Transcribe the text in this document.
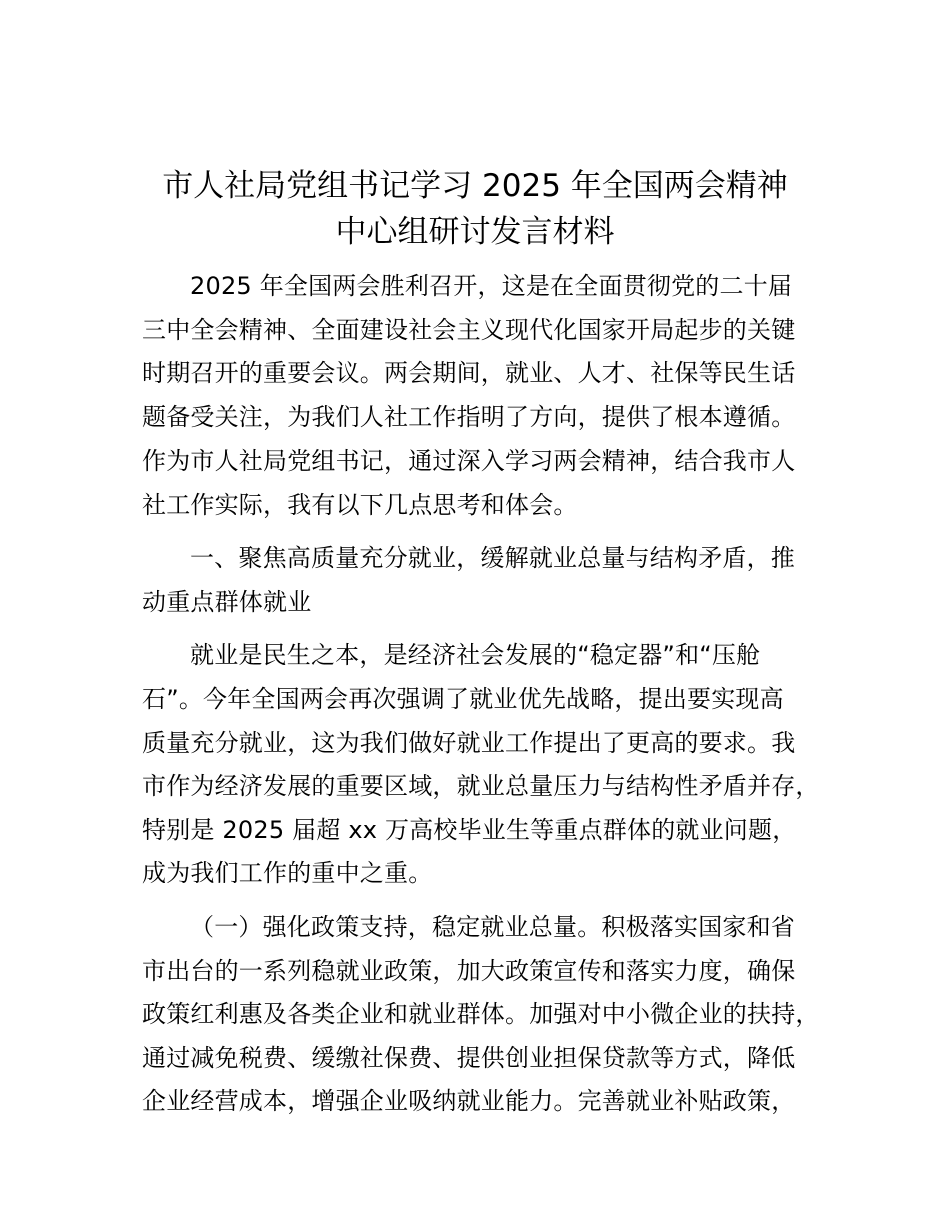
市人社局党组书记学习 2025 年全国两会精神
中心组研讨发言材料
2025 年全国两会胜利召开，这是在全面贯彻党的二十届
三中全会精神、全面建设社会主义现代化国家开局起步的关键
时期召开的重要会议。两会期间，就业、人才、社保等民生话
题备受关注，为我们人社工作指明了方向，提供了根本遵循。
作为市人社局党组书记，通过深入学习两会精神，结合我市人
社工作实际，我有以下几点思考和体会。
一、聚焦高质量充分就业，缓解就业总量与结构矛盾，推
动重点群体就业
就业是民生之本，是经济社会发展的“稳定器”和“压舱
石”。今年全国两会再次强调了就业优先战略，提出要实现高
质量充分就业，这为我们做好就业工作提出了更高的要求。我
市作为经济发展的重要区域，就业总量压力与结构性矛盾并存，
特别是 2025 届超 xx 万高校毕业生等重点群体的就业问题，
成为我们工作的重中之重。
（一）强化政策支持，稳定就业总量。积极落实国家和省
市出台的一系列稳就业政策，加大政策宣传和落实力度，确保
政策红利惠及各类企业和就业群体。加强对中小微企业的扶持，
通过减免税费、缓缴社保费、提供创业担保贷款等方式，降低
企业经营成本，增强企业吸纳就业能力。完善就业补贴政策，
